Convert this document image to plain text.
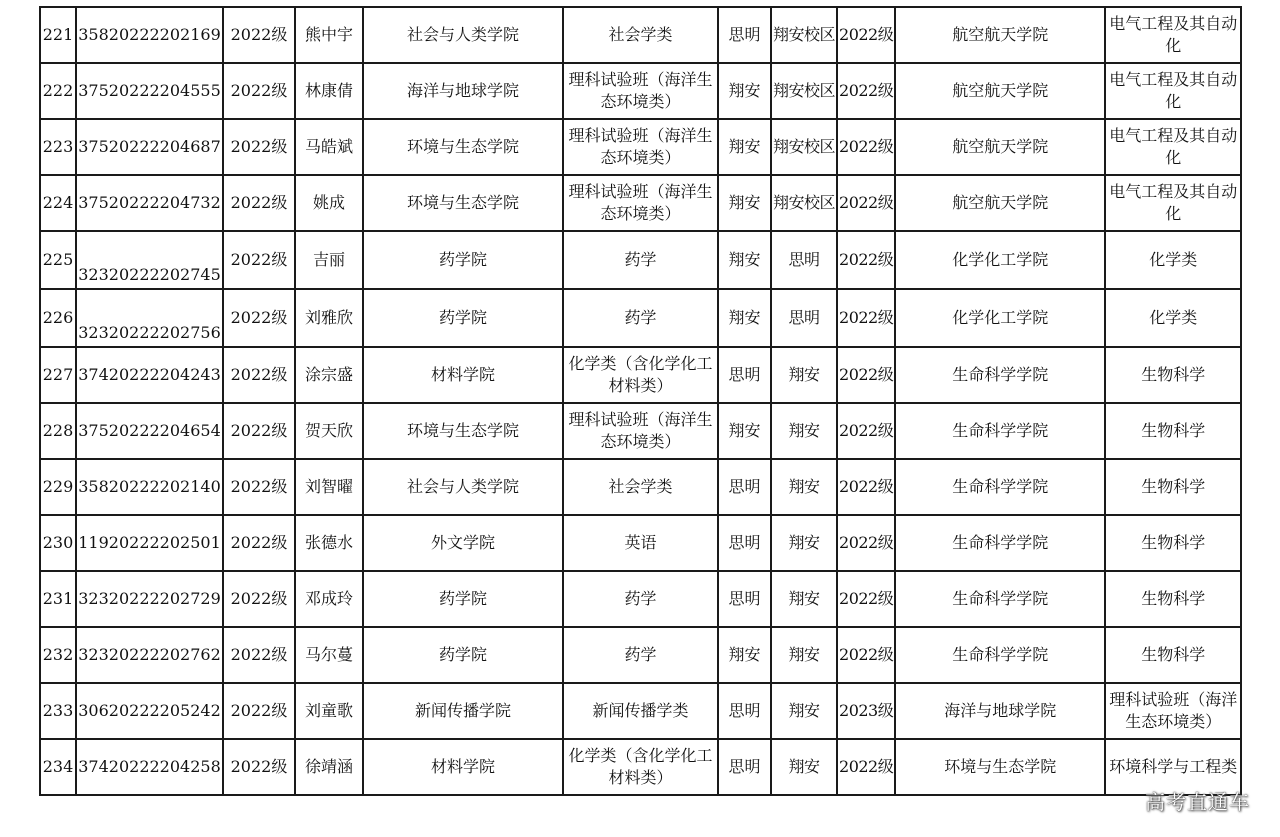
221	35820222202169	2022级	熊中宇	社会与人类学院	社会学类	思明	翔安校区	2022级	航空航天学院	电气工程及其自动化
222	37520222204555	2022级	林康倩	海洋与地球学院	理科试验班（海洋生态环境类）	翔安	翔安校区	2022级	航空航天学院	电气工程及其自动化
223	37520222204687	2022级	马皓斌	环境与生态学院	理科试验班（海洋生态环境类）	翔安	翔安校区	2022级	航空航天学院	电气工程及其自动化
224	37520222204732	2022级	姚成	环境与生态学院	理科试验班（海洋生态环境类）	翔安	翔安校区	2022级	航空航天学院	电气工程及其自动化
225	32320222202745	2022级	吉丽	药学院	药学	翔安	思明	2022级	化学化工学院	化学类
226	32320222202756	2022级	刘雅欣	药学院	药学	翔安	思明	2022级	化学化工学院	化学类
227	37420222204243	2022级	涂宗盛	材料学院	化学类（含化学化工材料类）	思明	翔安	2022级	生命科学学院	生物科学
228	37520222204654	2022级	贺天欣	环境与生态学院	理科试验班（海洋生态环境类）	翔安	翔安	2022级	生命科学学院	生物科学
229	35820222202140	2022级	刘智曜	社会与人类学院	社会学类	思明	翔安	2022级	生命科学学院	生物科学
230	11920222202501	2022级	张德水	外文学院	英语	思明	翔安	2022级	生命科学学院	生物科学
231	32320222202729	2022级	邓成玲	药学院	药学	思明	翔安	2022级	生命科学学院	生物科学
232	32320222202762	2022级	马尔蔓	药学院	药学	翔安	翔安	2022级	生命科学学院	生物科学
233	30620222205242	2022级	刘童歌	新闻传播学院	新闻传播学类	思明	翔安	2023级	海洋与地球学院	理科试验班（海洋生态环境类）
234	37420222204258	2022级	徐靖涵	材料学院	化学类（含化学化工材料类）	思明	翔安	2022级	环境与生态学院	环境科学与工程类
高考直通车
